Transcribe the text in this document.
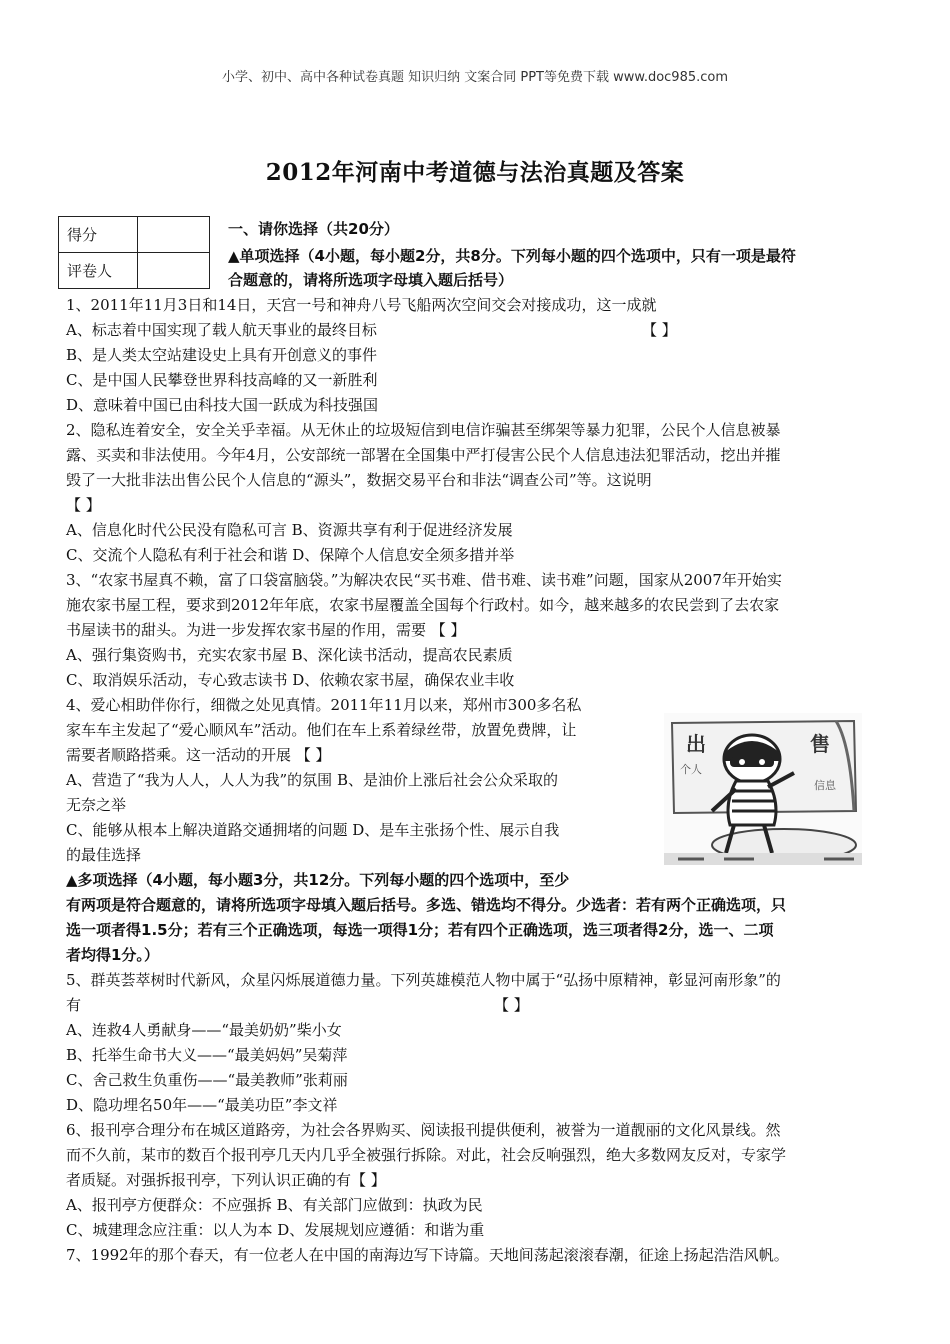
小学、初中、高中各种试卷真题 知识归纳 文案合同 PPT等免费下载 www.doc985.com
2012年河南中考道德与法治真题及答案
得分	
评卷人	
一、请你选择（共20分）
▲单项选择（4小题，每小题2分，共8分。下列每小题的四个选项中，只有一项是最符
合题意的，请将所选项字母填入题后括号）
1、2011年11月3日和14日，天宫一号和神舟八号飞船两次空间交会对接成功，这一成就
A、标志着中国实现了载人航天事业的最终目标	【 】
B、是人类太空站建设史上具有开创意义的事件
C、是中国人民攀登世界科技高峰的又一新胜利
D、意味着中国已由科技大国一跃成为科技强国
2、隐私连着安全，安全关乎幸福。从无休止的垃圾短信到电信诈骗甚至绑架等暴力犯罪，公民个人信息被暴
露、买卖和非法使用。今年4月，公安部统一部署在全国集中严打侵害公民个人信息违法犯罪活动，挖出并摧
毁了一大批非法出售公民个人信息的“源头”，数据交易平台和非法“调查公司”等。这说明
【 】
A、信息化时代公民没有隐私可言 B、资源共享有利于促进经济发展
C、交流个人隐私有利于社会和谐 D、保障个人信息安全须多措并举
3、“农家书屋真不赖，富了口袋富脑袋。”为解决农民“买书难、借书难、读书难”问题，国家从2007年开始实
施农家书屋工程，要求到2012年年底，农家书屋覆盖全国每个行政村。如今，越来越多的农民尝到了去农家
书屋读书的甜头。为进一步发挥农家书屋的作用，需要 【 】
A、强行集资购书，充实农家书屋 B、深化读书活动，提高农民素质
C、取消娱乐活动，专心致志读书 D、依赖农家书屋，确保农业丰收
4、爱心相助伴你行，细微之处见真情。2011年11月以来，郑州市300多名私
家车车主发起了“爱心顺风车”活动。他们在车上系着绿丝带，放置免费牌，让
需要者顺路搭乘。这一活动的开展 【 】
A、营造了“我为人人，人人为我”的氛围 B、是油价上涨后社会公众采取的
无奈之举
C、能够从根本上解决道路交通拥堵的问题 D、是车主张扬个性、展示自我
的最佳选择
出	售
个人
信息
▲多项选择（4小题，每小题3分，共12分。下列每小题的四个选项中，至少
有两项是符合题意的，请将所选项字母填入题后括号。多选、错选均不得分。少选者：若有两个正确选项，只
选一项者得1.5分；若有三个正确选项，每选一项得1分；若有四个正确选项，选三项者得2分，选一、二项
者均得1分。）
5、群英荟萃树时代新风，众星闪烁展道德力量。下列英雄模范人物中属于“弘扬中原精神，彰显河南形象”的
有	【 】
A、连救4人勇献身——“最美奶奶”柴小女
B、托举生命书大义——“最美妈妈”吴菊萍
C、舍己救生负重伤——“最美教师”张莉丽
D、隐功埋名50年——“最美功臣”李文祥
6、报刊亭合理分布在城区道路旁，为社会各界购买、阅读报刊提供便利，被誉为一道靓丽的文化风景线。然
而不久前，某市的数百个报刊亭几天内几乎全被强行拆除。对此，社会反响强烈，绝大多数网友反对，专家学
者质疑。对强拆报刊亭，下列认识正确的有【 】
A、报刊亭方便群众：不应强拆 B、有关部门应做到：执政为民
C、城建理念应注重：以人为本 D、发展规划应遵循：和谐为重
7、1992年的那个春天，有一位老人在中国的南海边写下诗篇。天地间荡起滚滚春潮，征途上扬起浩浩风帆。
